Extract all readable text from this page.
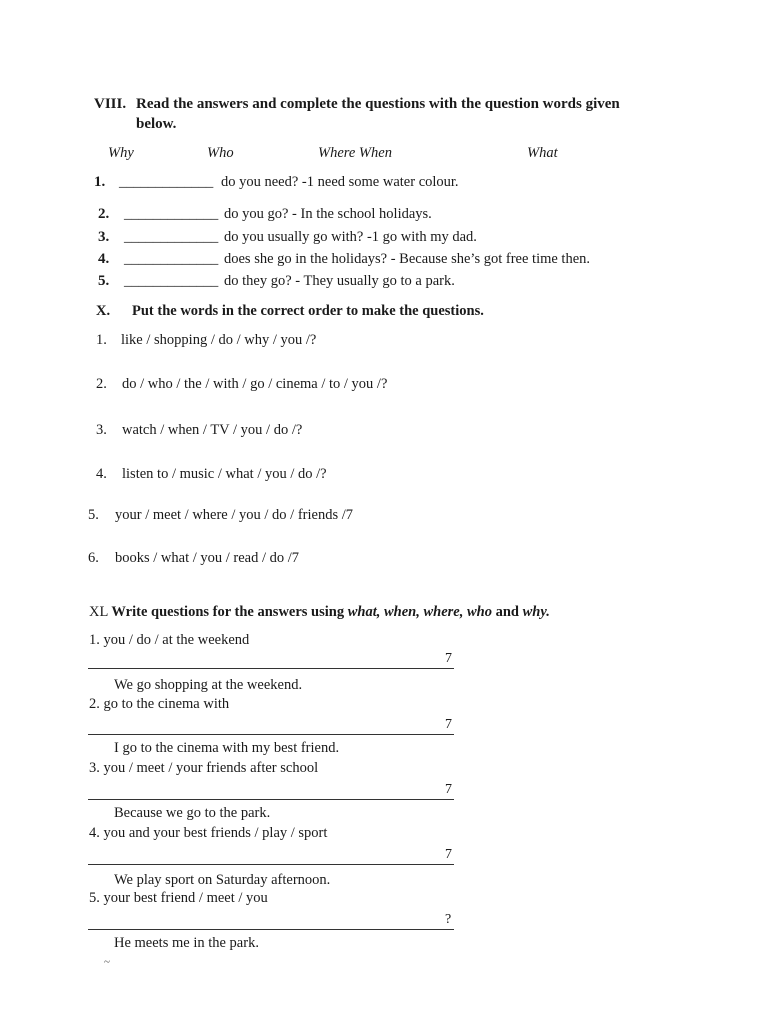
VIII. Read the answers and complete the questions with the question words given
below.
Why	Who	Where When	What
1. _____________ do you need? -1 need some water colour.
2. _____________ do you go? - In the school holidays.
3. _____________ do you usually go with? -1 go with my dad.
4. _____________ does she go in the holidays? - Because she’s got free time then.
5. _____________ do they go? - They usually go to a park.
X. Put the words in the correct order to make the questions.
1. like / shopping / do / why / you /?
2. do / who / the / with / go / cinema / to / you /?
3. watch / when / TV / you / do /?
4. listen to / music / what / you / do /?
5. your / meet / where / you / do / friends /7
6. books / what / you / read / do /7
XL Write questions for the answers using what, when, where, who and why.
1. you / do / at the weekend
7
We go shopping at the weekend.
2. go to the cinema with
7
I go to the cinema with my best friend.
3. you / meet / your friends after school
7
Because we go to the park.
4. you and your best friends / play / sport
7
We play sport on Saturday afternoon.
5. your best friend / meet / you
?
He meets me in the park.
~
